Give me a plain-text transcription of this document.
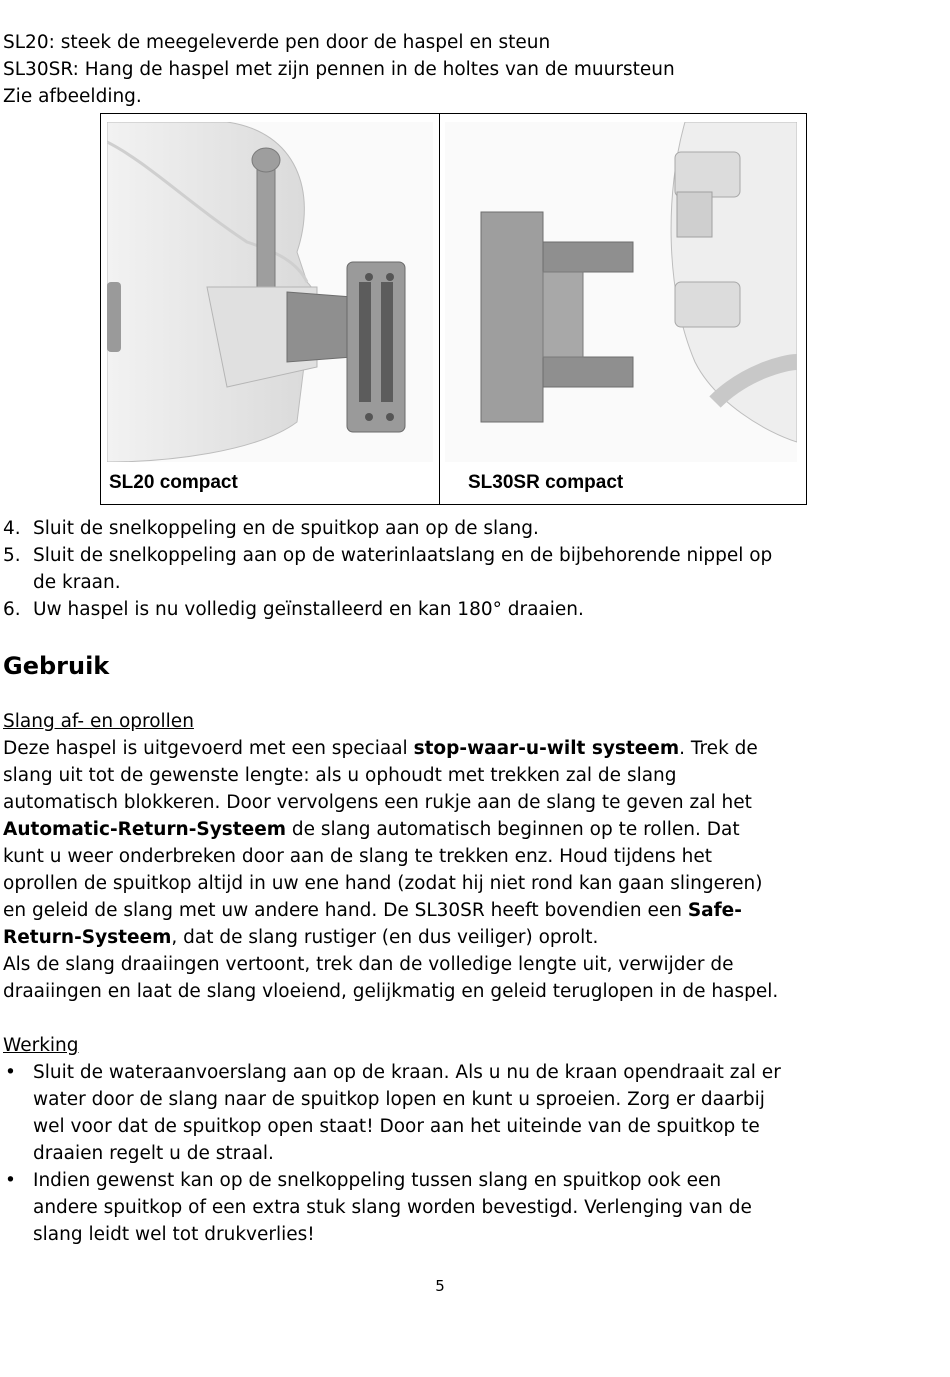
SL20: steek de meegeleverde pen door de haspel en steun
SL30SR: Hang de haspel met zijn pennen in de holtes van de muursteun
Zie afbeelding.
SL20 compact	SL30SR compact
4. Sluit de snelkoppeling en de spuitkop aan op de slang.
5. Sluit de snelkoppeling aan op de waterinlaatslang en de bijbehorende nippel op
de kraan.
6. Uw haspel is nu volledig geïnstalleerd en kan 180° draaien.
Gebruik
Slang af- en oprollen
Deze haspel is uitgevoerd met een speciaal stop-waar-u-wilt systeem. Trek de
slang uit tot de gewenste lengte: als u ophoudt met trekken zal de slang
automatisch blokkeren. Door vervolgens een rukje aan de slang te geven zal het
Automatic-Return-Systeem de slang automatisch beginnen op te rollen. Dat
kunt u weer onderbreken door aan de slang te trekken enz. Houd tijdens het
oprollen de spuitkop altijd in uw ene hand (zodat hij niet rond kan gaan slingeren)
en geleid de slang met uw andere hand. De SL30SR heeft bovendien een Safe-
Return-Systeem, dat de slang rustiger (en dus veiliger) oprolt.
Als de slang draaiingen vertoont, trek dan de volledige lengte uit, verwijder de
draaiingen en laat de slang vloeiend, gelijkmatig en geleid teruglopen in de haspel.
Werking
• Sluit de wateraanvoerslang aan op de kraan. Als u nu de kraan opendraait zal er
water door de slang naar de spuitkop lopen en kunt u sproeien. Zorg er daarbij
wel voor dat de spuitkop open staat! Door aan het uiteinde van de spuitkop te
draaien regelt u de straal.
• Indien gewenst kan op de snelkoppeling tussen slang en spuitkop ook een
andere spuitkop of een extra stuk slang worden bevestigd. Verlenging van de
slang leidt wel tot drukverlies!
5
